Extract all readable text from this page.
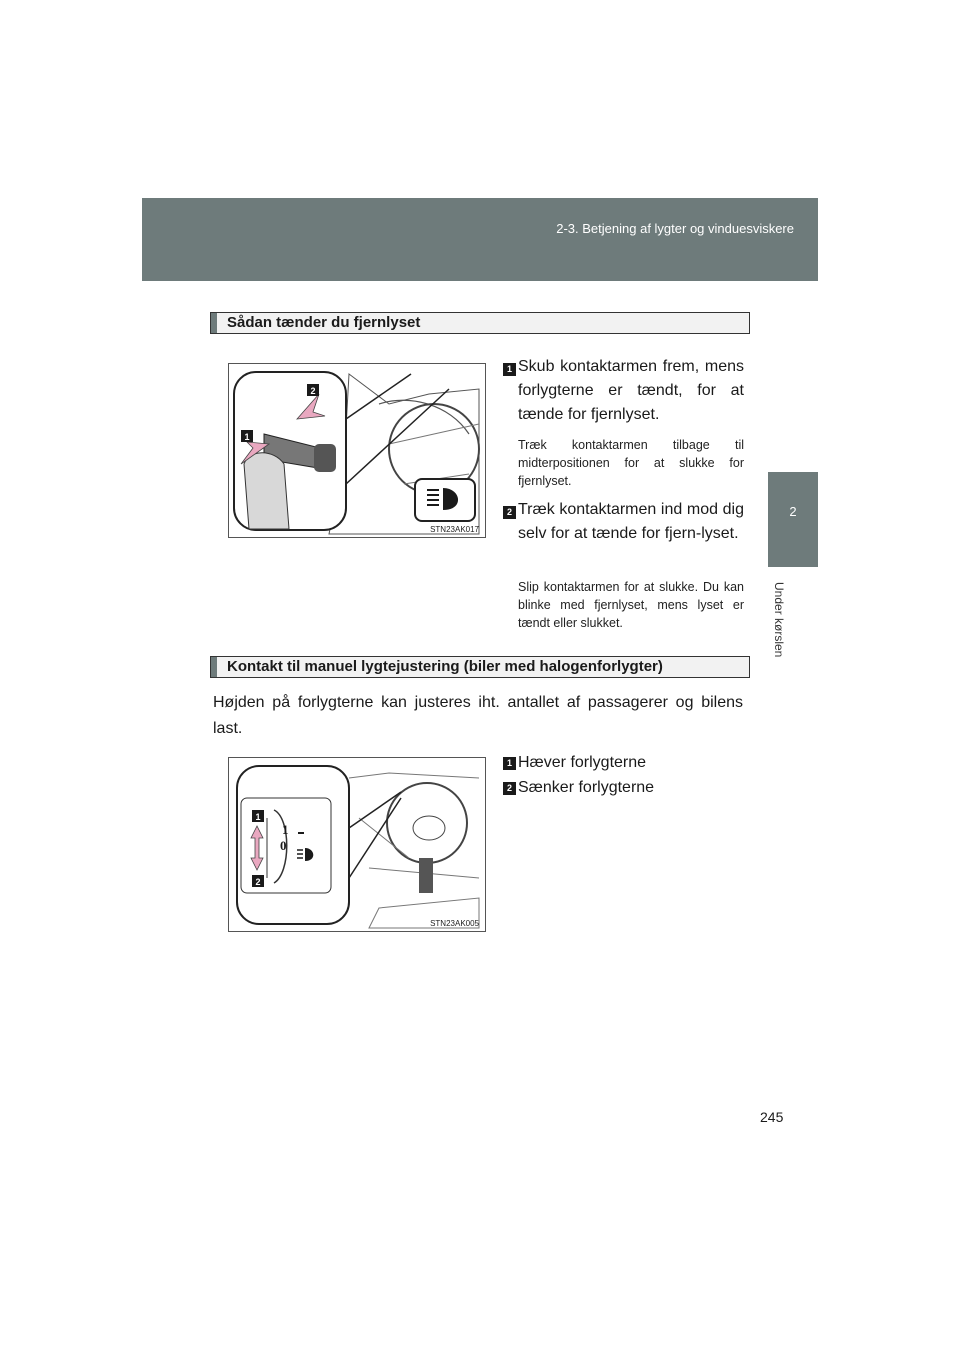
2-3. Betjening af lygter og vinduesviskere
2
Under kørslen
Sådan tænder du fjernlyset
2
1
STN23AK017
1 Skub kontaktarmen frem, mens forlygterne er tændt, for at tænde for fjernlyset.
Træk kontaktarmen tilbage til midterpositionen for at slukke for fjernlyset.
2 Træk kontaktarmen ind mod dig selv for at tænde for fjern-lyset.
Slip kontaktarmen for at slukke. Du kan blinke med fjernlyset, mens lyset er tændt eller slukket.
Kontakt til manuel lygtejustering (biler med halogenforlygter)
Højden på forlygterne kan justeres iht. antallet af passagerer og bilens last.
1
2
1
0
STN23AK005
1 Hæver forlygterne
2 Sænker forlygterne
245
